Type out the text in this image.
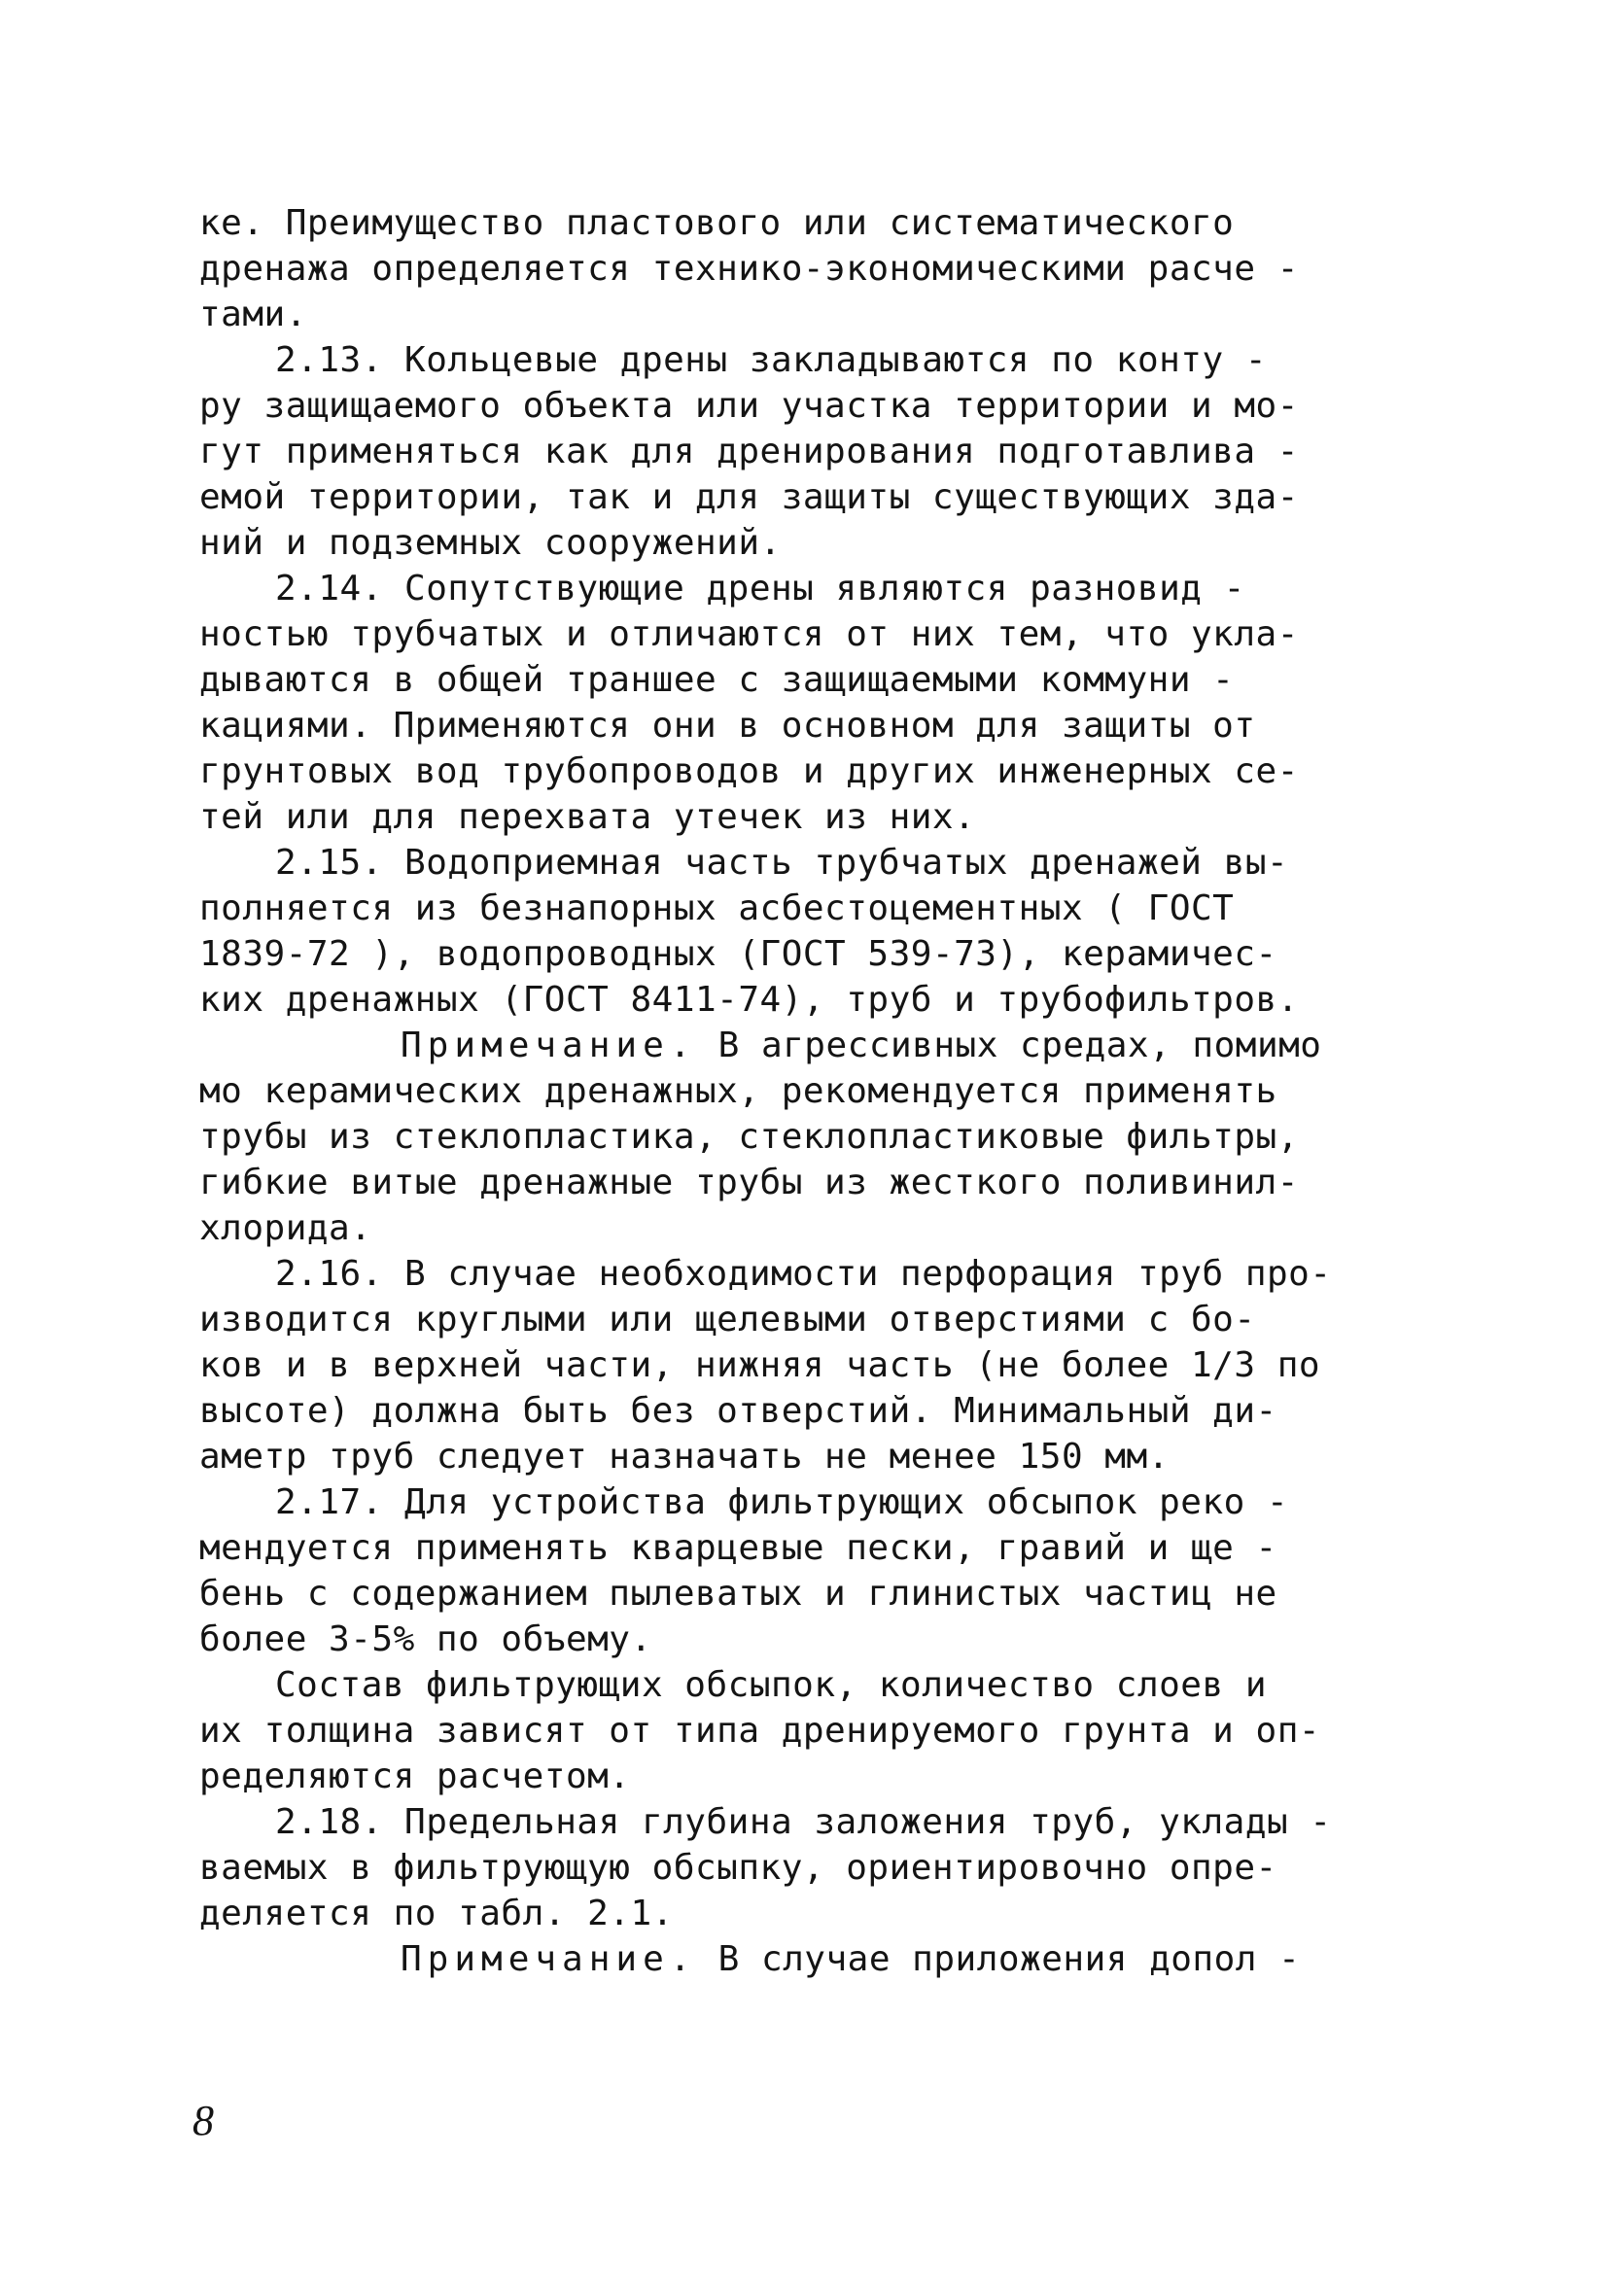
ке. Преимущество пластового или систематического
дренажа определяется технико-экономическими расче -
тами.
2.13. Кольцевые дрены закладываются по конту -
ру защищаемого объекта или участка территории и мо-
гут применяться как для дренирования подготавлива -
емой территории, так и для защиты существующих зда-
ний и подземных сооружений.
2.14. Сопутствующие дрены являются разновид -
ностью трубчатых и отличаются от них тем, что укла-
дываются в общей траншее с защищаемыми коммуни -
кациями. Применяются они в основном для защиты от
грунтовых вод трубопроводов и других инженерных се-
тей или для перехвата утечек из них.
2.15. Водоприемная часть трубчатых дренажей вы-
полняется из безнапорных асбестоцементных ( ГОСТ
1839-72 ), водопроводных (ГОСТ 539-73), керамичес-
ких дренажных (ГОСТ 8411-74), труб и трубофильтров.
Примечание. В агрессивных средах, помимо
мо керамических дренажных, рекомендуется применять
трубы из стеклопластика, стеклопластиковые фильтры,
гибкие витые дренажные трубы из жесткого поливинил-
хлорида.
2.16. В случае необходимости перфорация труб про-
изводится круглыми или щелевыми отверстиями с бо-
ков и в верхней части, нижняя часть (не более 1/3 по
высоте) должна быть без отверстий. Минимальный ди-
аметр труб следует назначать не менее 150 мм.
2.17. Для устройства фильтрующих обсыпок реко -
мендуется применять кварцевые пески, гравий и ще -
бень с содержанием пылеватых и глинистых частиц не
более 3-5% по объему.
Состав фильтрующих обсыпок, количество слоев и
их толщина зависят от типа дренируемого грунта и оп-
ределяются расчетом.
2.18. Предельная глубина заложения труб, уклады -
ваемых в фильтрующую обсыпку, ориентировочно опре-
деляется по табл. 2.1.
Примечание. В случае приложения допол -
8
